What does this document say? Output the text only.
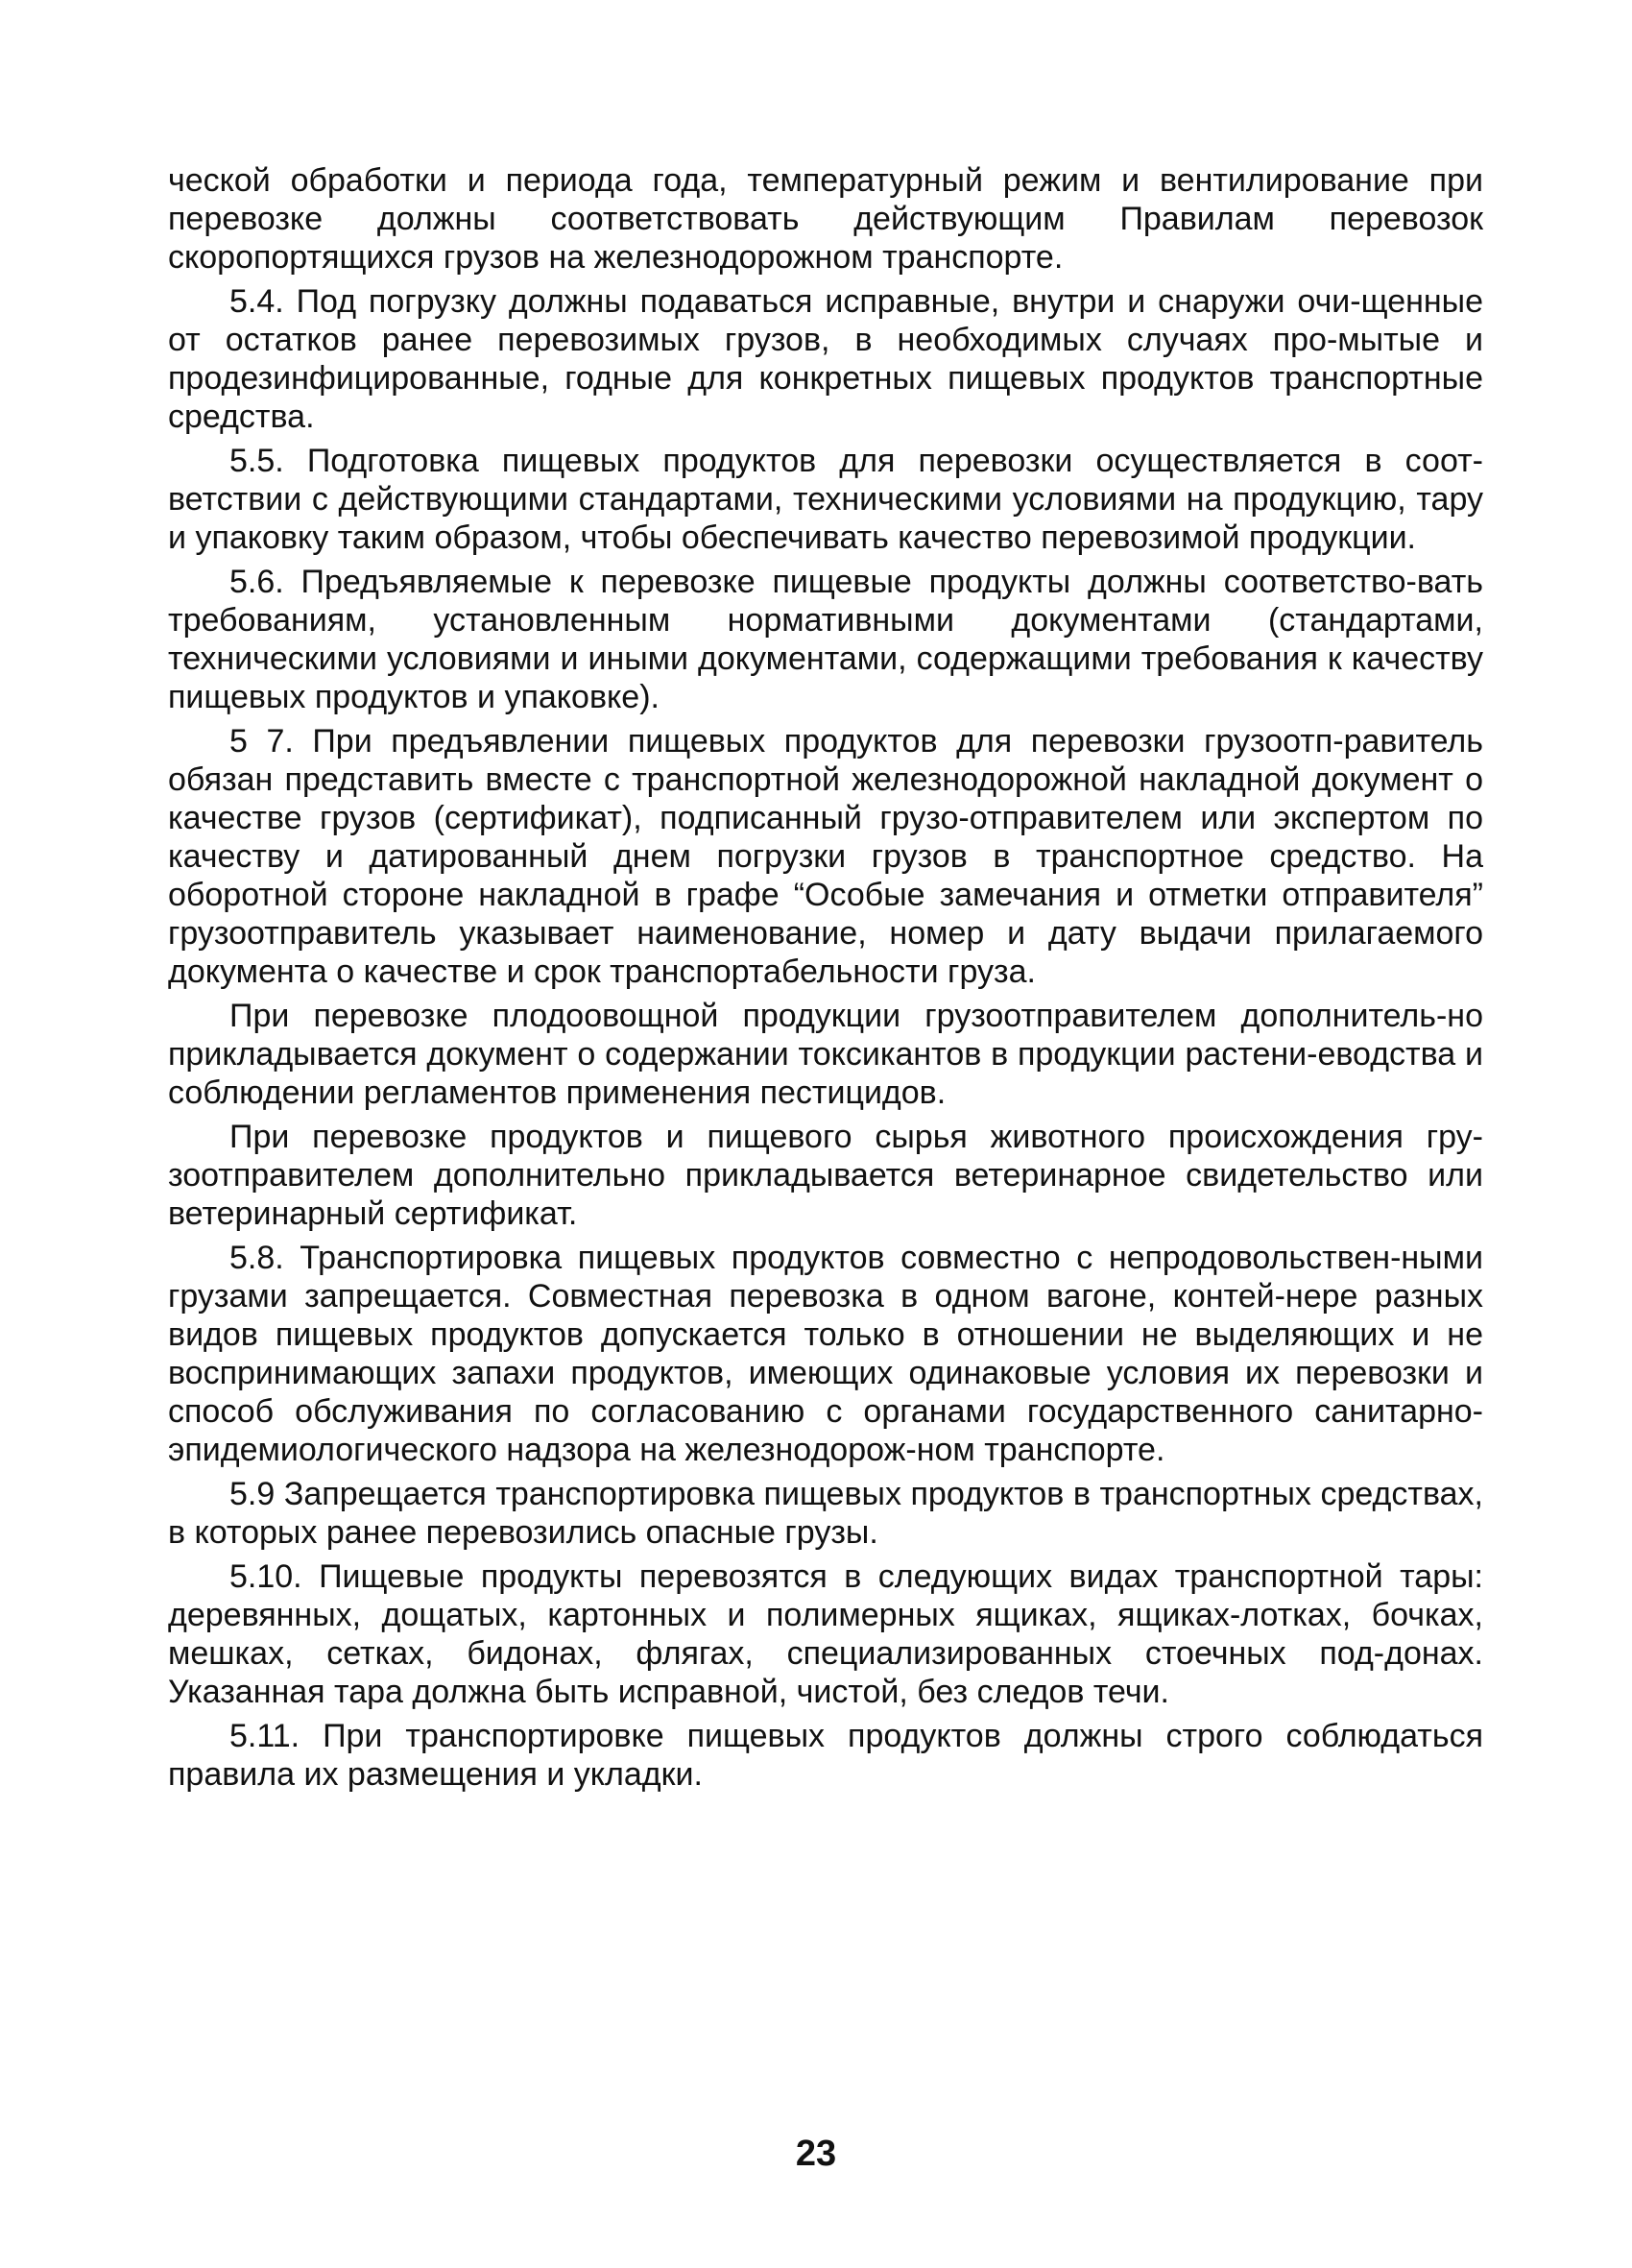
ческой обработки и периода года, температурный режим и вентилирование при перевозке должны соответствовать действующим Правилам перевозок скоропортящихся грузов на железнодорожном транспорте.

5.4. Под погрузку должны подаваться исправные, внутри и снаружи очи-щенные от остатков ранее перевозимых грузов, в необходимых случаях про-мытые и продезинфицированные, годные для конкретных пищевых продуктов транспортные средства.

5.5. Подготовка пищевых продуктов для перевозки осуществляется в соот-ветствии с действующими стандартами, техническими условиями на продукцию, тару и упаковку таким образом, чтобы обеспечивать качество перевозимой продукции.

5.6. Предъявляемые к перевозке пищевые продукты должны соответство-вать требованиям, установленным нормативными документами (стандартами, техническими условиями и иными документами, содержащими требования к качеству пищевых продуктов и упаковке).

5 7. При предъявлении пищевых продуктов для перевозки грузоотп-равитель обязан представить вместе с транспортной железнодорожной накладной документ о качестве грузов (сертификат), подписанный грузо-отправителем или экспертом по качеству и датированный днем погрузки грузов в транспортное средство. На оборотной стороне накладной в графе “Особые замечания и отметки отправителя” грузоотправитель указывает наименование, номер и дату выдачи прилагаемого документа о качестве и срок транспортабельности груза.

При перевозке плодоовощной продукции грузоотправителем дополнитель-но прикладывается документ о содержании токсикантов в продукции растени-еводства и соблюдении регламентов применения пестицидов.

При перевозке продуктов и пищевого сырья животного происхождения гру-зоотправителем дополнительно прикладывается ветеринарное свидетельство или ветеринарный сертификат.

5.8. Транспортировка пищевых продуктов совместно с непродовольствен-ными грузами запрещается. Совместная перевозка в одном вагоне, контей-нере разных видов пищевых продуктов допускается только в отношении не выделяющих и не воспринимающих запахи продуктов, имеющих одинаковые условия их перевозки и способ обслуживания по согласованию с органами государственного санитарно-эпидемиологического надзора на железнодорож-ном транспорте.

5.9 Запрещается транспортировка пищевых продуктов в транспортных средствах, в которых ранее перевозились опасные грузы.

5.10. Пищевые продукты перевозятся в следующих видах транспортной тары: деревянных, дощатых, картонных и полимерных ящиках, ящиках-лотках, бочках, мешках, сетках, бидонах, флягах, специализированных стоечных под-донах. Указанная тара должна быть исправной, чистой, без следов течи.

5.11. При транспортировке пищевых продуктов должны строго соблюдаться правила их размещения и укладки.

23
